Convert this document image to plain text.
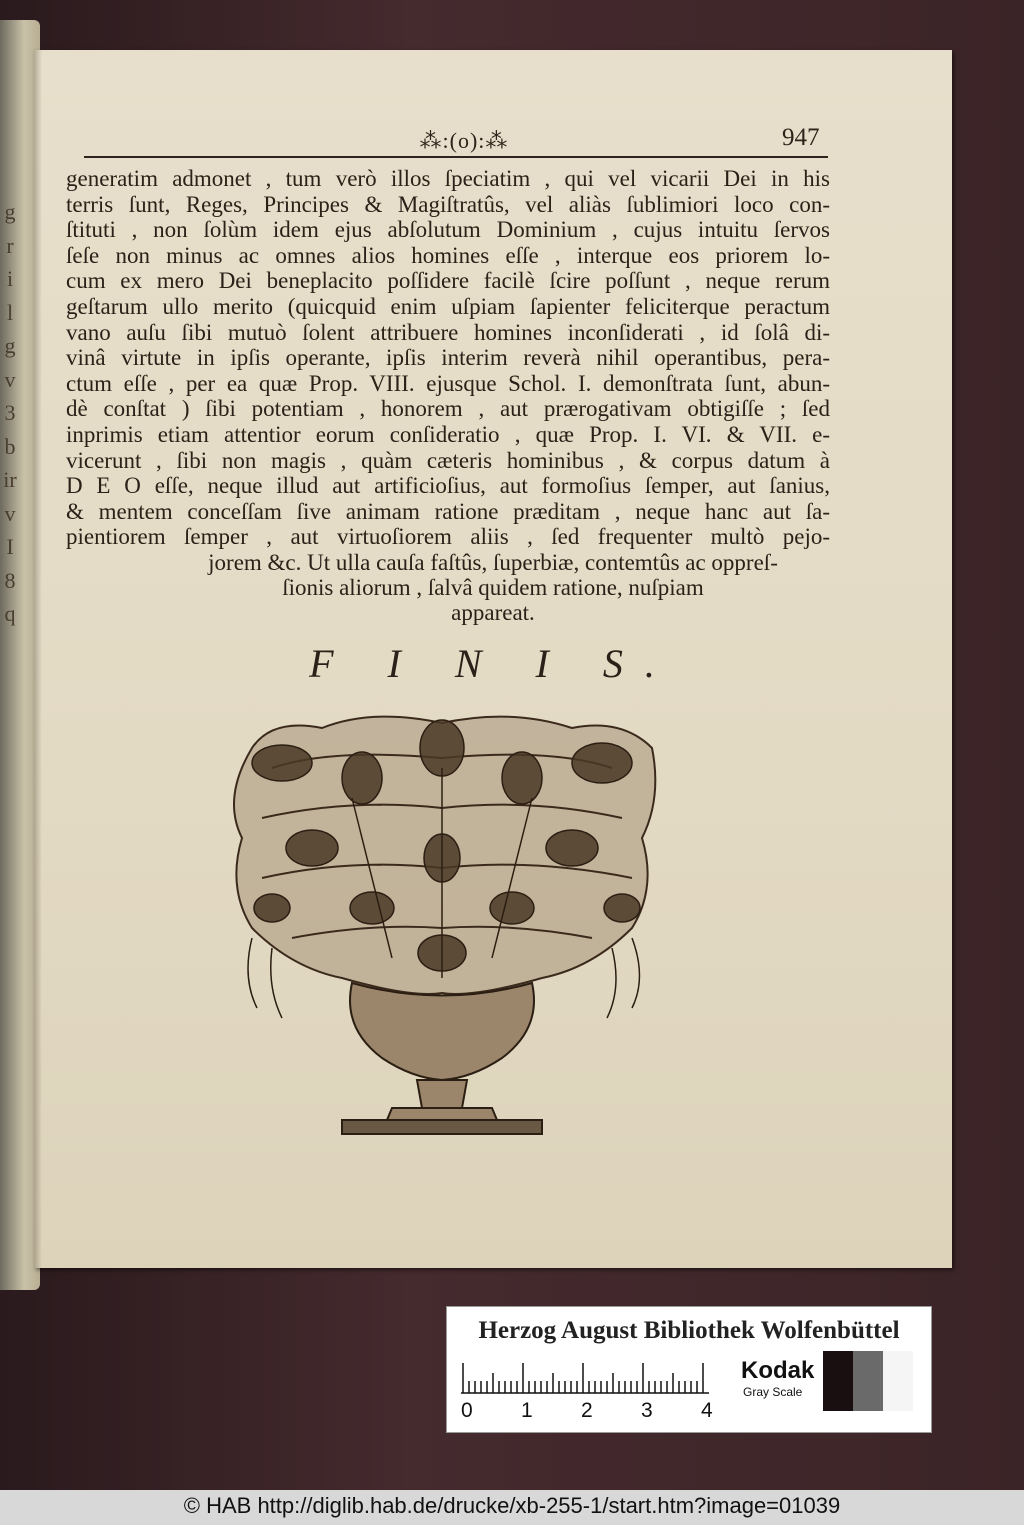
g
r
i
l
g
v
3
b
ir
v
I
8
q
⁂:(o):⁂	947
generatim admonet , tum verò illos ſpeciatim , qui vel vicarii Dei in his
terris ſunt, Reges, Principes & Magiſtratûs, vel aliàs ſublimiori loco con-
ſtituti , non ſolùm idem ejus abſolutum Dominium , cujus intuitu ſervos
ſeſe non minus ac omnes alios homines eſſe , interque eos priorem lo-
cum ex mero Dei beneplacito poſſidere facilè ſcire poſſunt , neque rerum
geſtarum ullo merito (quicquid enim uſpiam ſapienter feliciterque peractum
vano auſu ſibi mutuò ſolent attribuere homines inconſiderati , id ſolâ di-
vinâ virtute in ipſis operante, ipſis interim reverà nihil operantibus, pera-
ctum eſſe , per ea quæ Prop. VIII. ejusque Schol. I. demonſtrata ſunt, abun-
dè conſtat ) ſibi potentiam , honorem , aut prærogativam obtigiſſe ; ſed
inprimis etiam attentior eorum conſideratio , quæ Prop. I. VI. & VII. e-
vicerunt , ſibi non magis , quàm cæteris hominibus , & corpus datum à
D E O eſſe, neque illud aut artificioſius, aut formoſius ſemper, aut ſanius,
& mentem conceſſam ſive animam ratione præditam , neque hanc aut ſa-
pientiorem ſemper , aut virtuoſiorem aliis , ſed frequenter multò pejo-
jorem &c. Ut ulla cauſa faſtûs, ſuperbiæ, contemtûs ac oppreſ-
ſionis aliorum , ſalvâ quidem ratione, nuſpiam
appareat.
F I N I S.
Herzog August Bibliothek Wolfenbüttel
0 1 2 3 4
Kodak
Gray Scale
© HAB http://diglib.hab.de/drucke/xb-255-1/start.htm?image=01039
